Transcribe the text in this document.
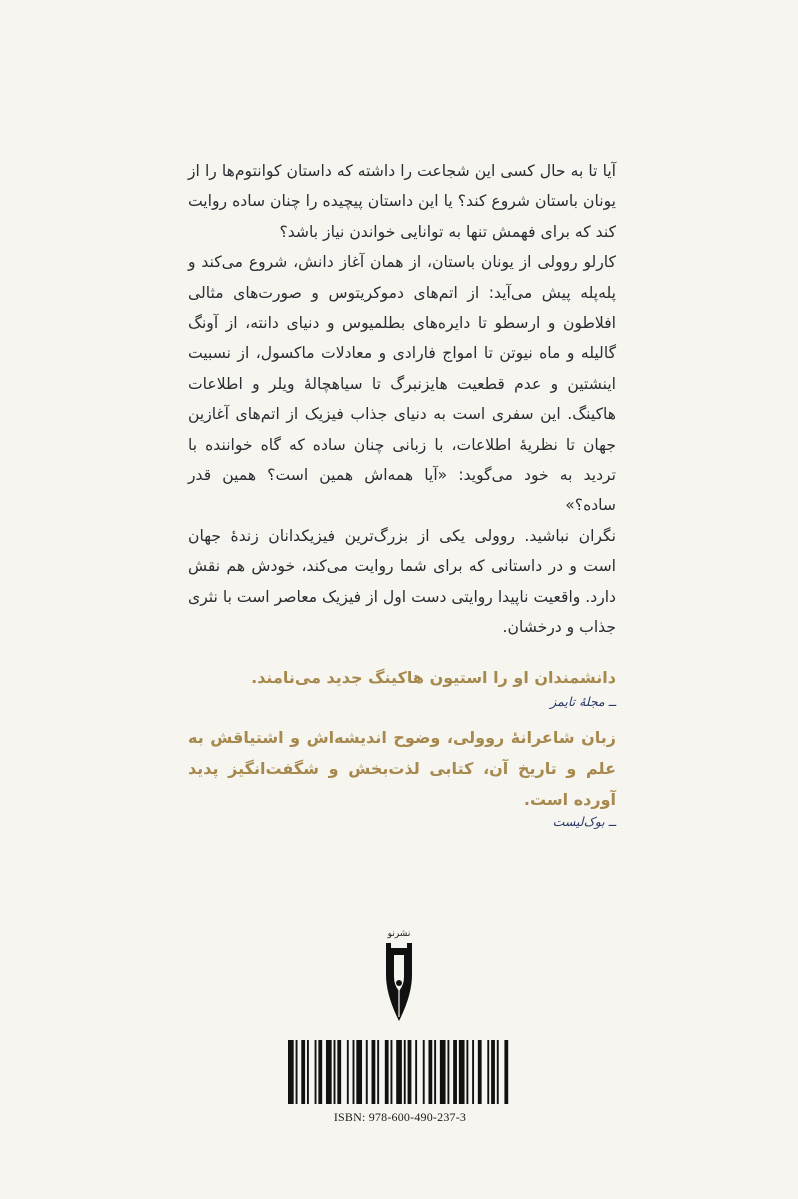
آیا تا به حال کسی این شجاعت را داشته که داستان کوانتوم‌ها را از یونان باستان شروع کند؟ یا این داستان پیچیده را چنان ساده روایت کند که برای فهمش تنها به توانایی خواندن نیاز باشد؟

کارلو روولی از یونان باستان، از همان آغاز دانش، شروع می‌کند و پله‌پله پیش می‌آید: از اتم‌های دموکریتوس و صورت‌های مثالی افلاطون و ارسطو تا دایره‌های بطلمیوس و دنیای دانته، از آونگ گالیله و ماه نیوتن تا امواج فارادی و معادلات ماکسول، از نسبیت اینشتین و عدم قطعیت هایزنبرگ تا سیاهچالهٔ ویلر و اطلاعات هاکینگ. این سفری است به دنیای جذاب فیزیک از اتم‌های آغازین جهان تا نظریهٔ اطلاعات، با زبانی چنان ساده که گاه خواننده با تردید به خود می‌گوید: «آیا همه‌اش همین است؟ همین قدر ساده؟»

نگران نباشید. روولی یکی از بزرگ‌ترین فیزیکدانان زندهٔ جهان است و در داستانی که برای شما روایت می‌کند، خودش هم نقش دارد. واقعیت ناپیدا روایتی دست اول از فیزیک معاصر است با نثری جذاب و درخشان.

دانشمندان او را استیون هاکینگ جدید می‌نامند.

ــ مجلهٔ تایمز

زبان شاعرانهٔ روولی، وضوح اندیشه‌اش و اشتیاقش به علم و تاریخ آن، کتابی لذت‌بخش و شگفت‌انگیز پدید آورده است.

ــ بوک‌لیست

نشرنو
ISBN: 978-600-490-237-3
